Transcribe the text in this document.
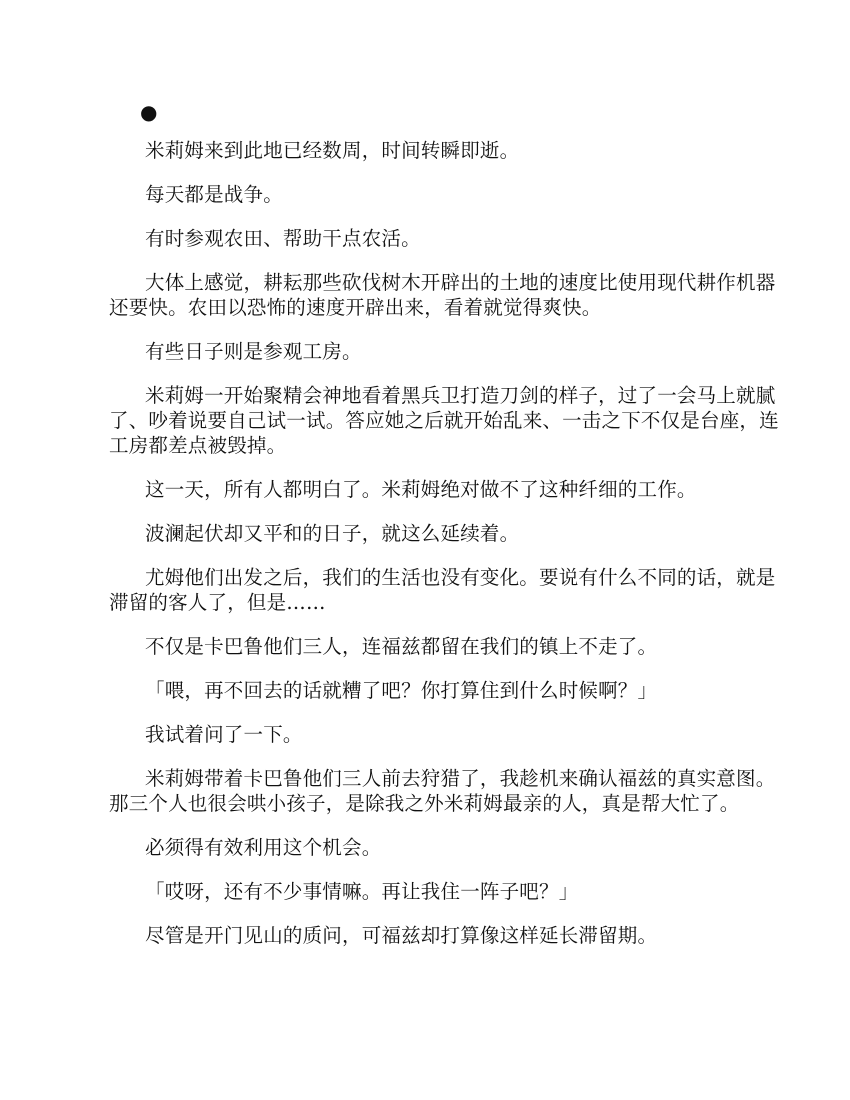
●

米莉姆来到此地已经数周，时间转瞬即逝。

每天都是战争。

有时参观农田、帮助干点农活。

大体上感觉，耕耘那些砍伐树木开辟出的土地的速度比使用现代耕作机器还要快。农田以恐怖的速度开辟出来，看着就觉得爽快。

有些日子则是参观工房。

米莉姆一开始聚精会神地看着黑兵卫打造刀剑的样子，过了一会马上就腻了、吵着说要自己试一试。答应她之后就开始乱来、一击之下不仅是台座，连工房都差点被毁掉。

这一天，所有人都明白了。米莉姆绝对做不了这种纤细的工作。

波澜起伏却又平和的日子，就这么延续着。

尤姆他们出发之后，我们的生活也没有变化。要说有什么不同的话，就是滞留的客人了，但是……

不仅是卡巴鲁他们三人，连福兹都留在我们的镇上不走了。

「喂，再不回去的话就糟了吧？你打算住到什么时候啊？」

我试着问了一下。

米莉姆带着卡巴鲁他们三人前去狩猎了，我趁机来确认福兹的真实意图。那三个人也很会哄小孩子，是除我之外米莉姆最亲的人，真是帮大忙了。

必须得有效利用这个机会。

「哎呀，还有不少事情嘛。再让我住一阵子吧？」

尽管是开门见山的质问，可福兹却打算像这样延长滞留期。
